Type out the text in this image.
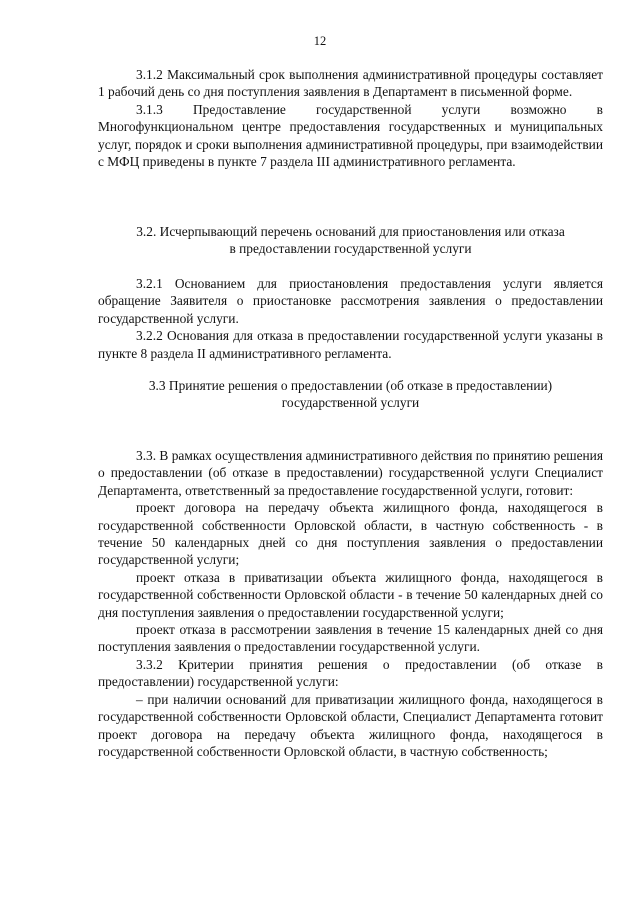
12

3.1.2 Максимальный срок выполнения административной процедуры составляет 1 рабочий день со дня поступления заявления в Департамент в письменной форме.

3.1.3 Предоставление государственной услуги возможно в Многофункциональном центре предоставления государственных и муниципальных услуг, порядок и сроки выполнения административной процедуры, при взаимодействии с МФЦ приведены в пункте 7 раздела III административного регламента.

3.2. Исчерпывающий перечень оснований для приостановления или отказа
в предоставлении государственной услуги

3.2.1 Основанием для приостановления предоставления услуги является обращение Заявителя о приостановке рассмотрения заявления о предоставлении государственной услуги.

3.2.2 Основания для отказа в предоставлении государственной услуги указаны в пункте 8 раздела II административного регламента.

3.3 Принятие решения о предоставлении (об отказе в предоставлении)
государственной услуги

3.3. В рамках осуществления административного действия по принятию решения о предоставлении (об отказе в предоставлении) государственной услуги Специалист Департамента, ответственный за предоставление государственной услуги, готовит:

проект договора на передачу объекта жилищного фонда, находящегося в государственной собственности Орловской области, в частную собственность - в течение 50 календарных дней со дня поступления заявления о предоставлении государственной услуги;

проект отказа в приватизации объекта жилищного фонда, находящегося в государственной собственности Орловской области - в течение 50 календарных дней со дня поступления заявления о предоставлении государственной услуги;

проект отказа в рассмотрении заявления в течение 15 календарных дней со дня поступления заявления о предоставлении государственной услуги.

3.3.2 Критерии принятия решения о предоставлении (об отказе в предоставлении) государственной услуги:

– при наличии оснований для приватизации жилищного фонда, находящегося в государственной собственности Орловской области, Специалист Департамента готовит проект договора на передачу объекта жилищного фонда, находящегося в государственной собственности Орловской области, в частную собственность;
